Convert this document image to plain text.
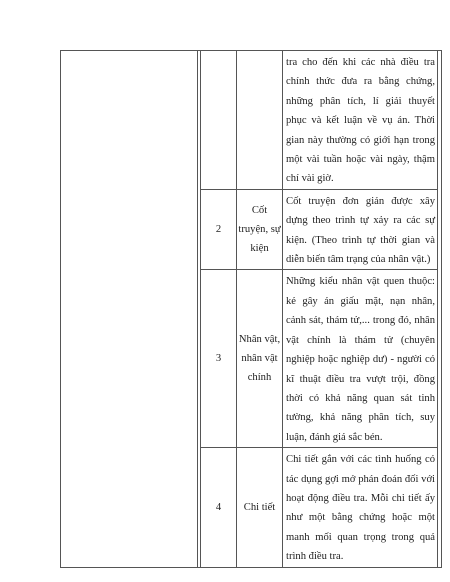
				tra cho đến khi các nhà điều tra chính thức đưa ra bằng chứng, những phân tích, lí giải thuyết phục và kết luận về vụ án. Thời gian này thường có giới hạn trong một vài tuần hoặc vài ngày, thậm chí vài giờ.	

		2	Cốt truyện, sự kiện	Cốt truyện đơn giản được xây dựng theo trình tự xảy ra các sự kiện. (Theo trình tự thời gian và diễn biến tâm trạng của nhân vật.)	

		3	Nhân vật, nhân vật chính	Những kiểu nhân vật quen thuộc: kẻ gây án giấu mặt, nạn nhân, cảnh sát, thám tử,... trong đó, nhân vật chính là thám tử (chuyên nghiệp hoặc nghiệp dư) - người có kĩ thuật điều tra vượt trội, đồng thời có khả năng quan sát tinh tường, khả năng phân tích, suy luận, đánh giá sắc bén.	

		4	Chi tiết	Chi tiết gắn với các tình huống có tác dụng gợi mở phán đoán đối với hoạt động điều tra. Mỗi chi tiết ấy như một bằng chứng hoặc một manh mối quan trọng trong quá trình điều tra.	
